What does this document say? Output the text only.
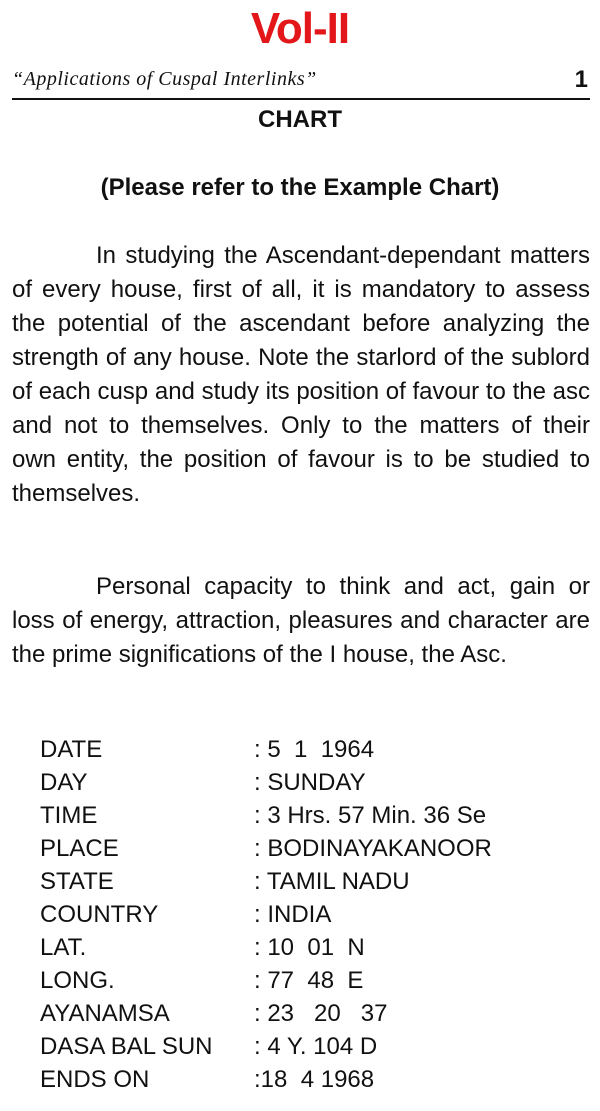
Vol-II
“Applications of Cuspal Interlinks”	1
CHART
(Please refer to the Example Chart)

In studying the Ascendant-dependant matters of every house, first of all, it is mandatory to assess the potential of the ascendant before analyzing the strength of any house. Note the starlord of the sublord of each cusp and study its position of favour to the asc and not to themselves. Only to the matters of their own entity, the position of favour is to be studied to themselves.

Personal capacity to think and act, gain or loss of energy, attraction, pleasures and character are the prime significations of the I house, the Asc.

DATE	: 5  1  1964
DAY	: SUNDAY
TIME	: 3 Hrs. 57 Min. 36 Se
PLACE	: BODINAYAKANOOR
STATE	: TAMIL NADU
COUNTRY	: INDIA
LAT.	: 10  01  N
LONG.	: 77  48  E
AYANAMSA	: 23   20   37
DASA BAL SUN	: 4 Y. 104 D
ENDS ON	:18  4 1968
